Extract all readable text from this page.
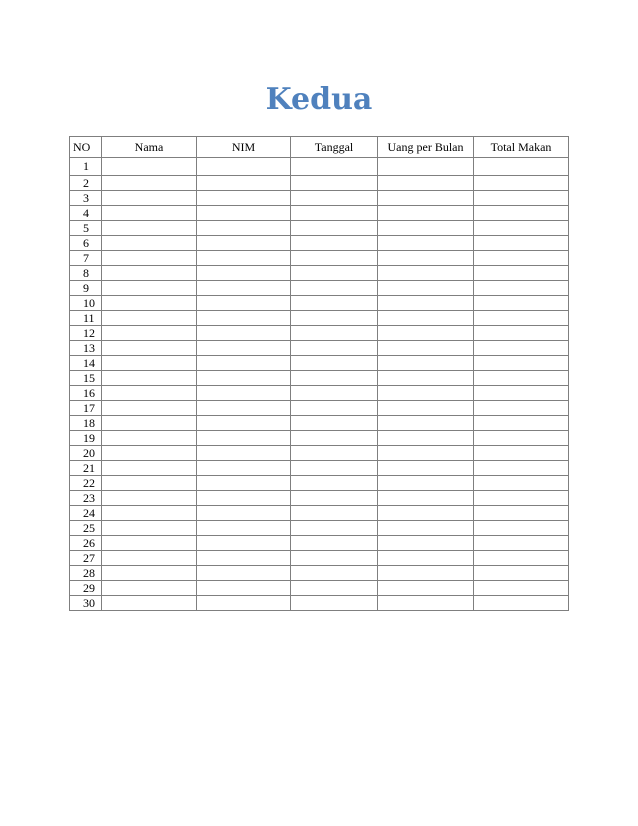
Kedua
NO	Nama	NIM	Tanggal	Uang per Bulan	Total Makan
1					
2					
3					
4					
5					
6					
7					
8					
9					
10					
11					
12					
13					
14					
15					
16					
17					
18					
19					
20					
21					
22					
23					
24					
25					
26					
27					
28					
29					
30					
